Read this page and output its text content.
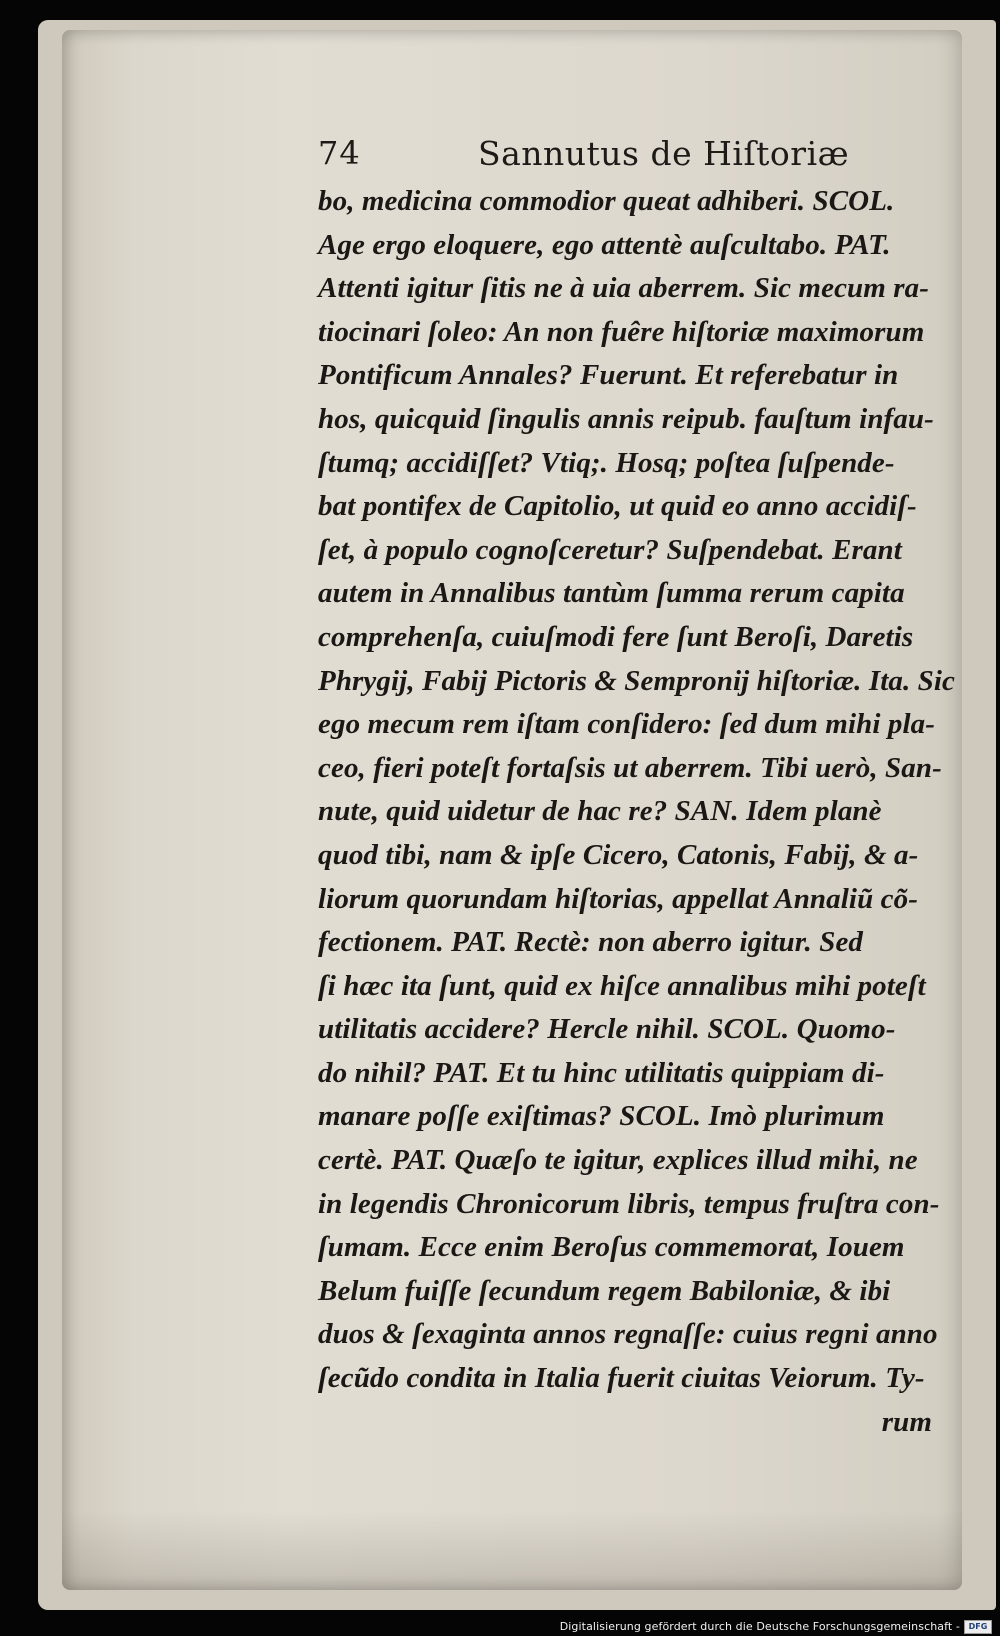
74	Sannutus de Hiſtoriæ
bo, medicina commodior queat adhiberi. SCOL.
Age ergo eloquere, ego attentè auſcultabo. PAT.
Attenti igitur ſitis ne à uia aberrem. Sic mecum ra-
tiocinari ſoleo: An non fuêre hiſtoriæ maximorum
Pontificum Annales? Fuerunt. Et referebatur in
hos, quicquid ſingulis annis reipub. fauſtum infau-
ſtumq; accidiſſet? Vtiq;. Hosq; poſtea ſuſpende-
bat pontifex de Capitolio, ut quid eo anno accidiſ-
ſet, à populo cognoſceretur? Suſpendebat. Erant
autem in Annalibus tantùm ſumma rerum capita
comprehenſa, cuiuſmodi fere ſunt Beroſi, Daretis
Phrygij, Fabij Pictoris & Sempronij hiſtoriæ. Ita. Sic
ego mecum rem iſtam conſidero: ſed dum mihi pla-
ceo, fieri poteſt fortaſsis ut aberrem. Tibi uerò, San-
nute, quid uidetur de hac re? SAN. Idem planè
quod tibi, nam & ipſe Cicero, Catonis, Fabij, & a-
liorum quorundam hiſtorias, appellat Annaliũ cõ-
fectionem. PAT. Rectè: non aberro igitur. Sed
ſi hæc ita ſunt, quid ex hiſce annalibus mihi poteſt
utilitatis accidere? Hercle nihil. SCOL. Quomo-
do nihil? PAT. Et tu hinc utilitatis quippiam di-
manare poſſe exiſtimas? SCOL. Imò plurimum
certè. PAT. Quæſo te igitur, explices illud mihi, ne
in legendis Chronicorum libris, tempus fruſtra con-
ſumam. Ecce enim Beroſus commemorat, Iouem
Belum fuiſſe ſecundum regem Babiloniæ, & ibi
duos & ſexaginta annos regnaſſe: cuius regni anno
ſecũdo condita in Italia fuerit ciuitas Veiorum. Ty-
rum
Digitalisierung gefördert durch die Deutsche Forschungsgemeinschaft -	DFG
